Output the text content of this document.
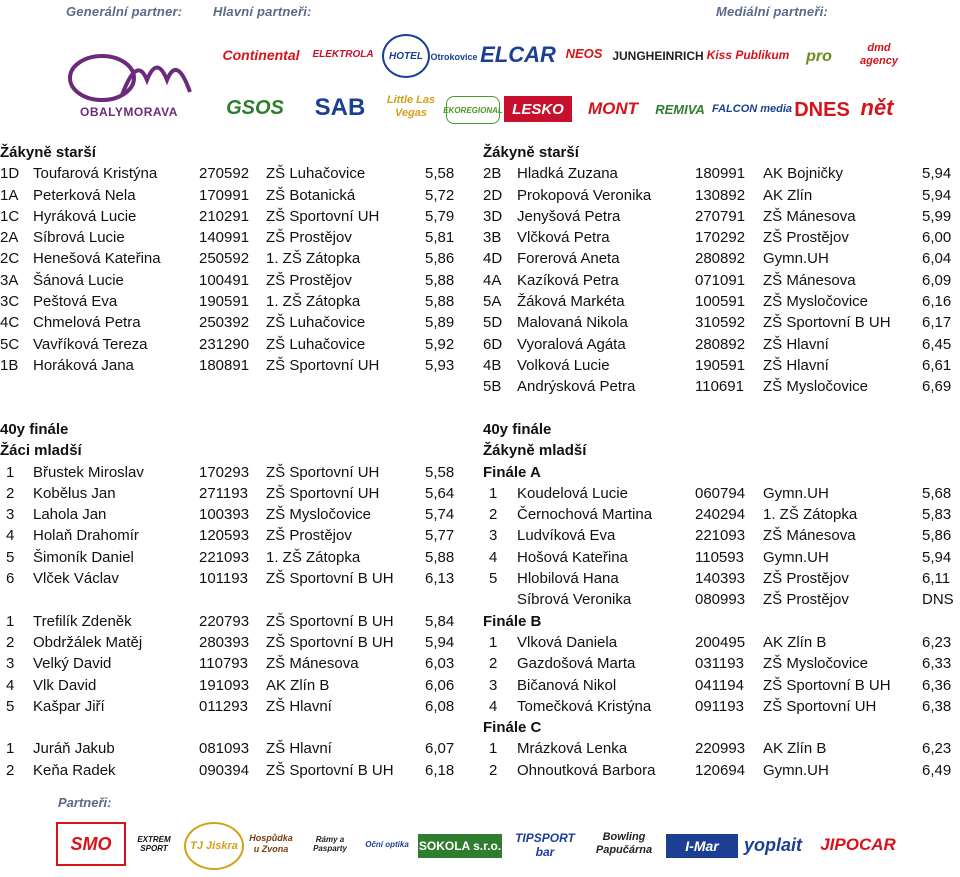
Generální partner: Hlavní partneři:	Mediální partneři:
OBALYMORAVA
Continental	ELEKTROLA	HOTEL Otrokovice ELCAR NEOS JUNGHEINRICH Kiss Publikum	pro	dmd agency
GSOS	SAB	Little Las Vegas	EKOREGIONAL LESKO	MONT	REMIVA FALCON media DNES nět
Žákyně starší
1D Toufarová Kristýna	270592 ZŠ Luhačovice	5,58
1A Peterková Nela	170991 ZŠ Botanická	5,72
1C Hyráková Lucie	210291 ZŠ Sportovní UH	5,79
2A Síbrová Lucie	140991 ZŠ Prostějov	5,81
2C Henešová Kateřina	250592 1. ZŠ Zátopka	5,86
3A Šánová Lucie	100491 ZŠ Prostějov	5,88
3C Peštová Eva	190591 1. ZŠ Zátopka	5,88
4C Chmelová Petra	250392 ZŠ Luhačovice	5,89
5C Vavříková Tereza	231290 ZŠ Luhačovice	5,92
1B Horáková Jana	180891 ZŠ Sportovní UH	5,93
Žákyně starší
2B Hladká Zuzana	180991 AK Bojničky	5,94
2D Prokopová Veronika	130892 AK Zlín	5,94
3D Jenyšová Petra	270791 ZŠ Mánesova	5,99
3B Vlčková Petra	170292 ZŠ Prostějov	6,00
4D Forerová Aneta	280892 Gymn.UH	6,04
4A Kazíková Petra	071091 ZŠ Mánesova	6,09
5A Žáková Markéta	100591 ZŠ Mysločovice	6,16
5D Malovaná Nikola	310592 ZŠ Sportovní B UH 6,17
6D Vyoralová Agáta	280892 ZŠ Hlavní	6,45
4B Volková Lucie	190591 ZŠ Hlavní	6,61
5B Andrýsková Petra	110691 ZŠ Mysločovice	6,69
40y finále
Žáci mladší
1 Břustek Miroslav	170293 ZŠ Sportovní UH	5,58
2 Kobělus Jan	271193 ZŠ Sportovní UH	5,64
3 Lahola Jan	100393 ZŠ Mysločovice	5,74
4 Holaň Drahomír	120593 ZŠ Prostějov	5,77
5 Šimoník Daniel	221093 1. ZŠ Zátopka	5,88
6 Vlček Václav	101193 ZŠ Sportovní B UH 6,13
1 Trefilík Zdeněk	220793 ZŠ Sportovní B UH 5,84
2 Obdržálek Matěj	280393 ZŠ Sportovní B UH 5,94
3 Velký David	110793 ZŠ Mánesova	6,03
4 Vlk David	191093 AK Zlín B	6,06
5 Kašpar Jiří	011293 ZŠ Hlavní	6,08
1 Juráň Jakub	081093 ZŠ Hlavní	6,07
2 Keňa Radek	090394 ZŠ Sportovní B UH 6,18
40y finále
Žákyně mladší
Finále A
1 Koudelová Lucie	060794 Gymn.UH	5,68
2 Černochová Martina	240294 1. ZŠ Zátopka	5,83
3 Ludvíková Eva	221093 ZŠ Mánesova	5,86
4 Hošová Kateřina	110593 Gymn.UH	5,94
5 Hlobilová Hana	140393 ZŠ Prostějov	6,11
Síbrová Veronika	080993 ZŠ Prostějov	DNS
Finále B
1 Vlková Daniela	200495 AK Zlín B	6,23
2 Gazdošová Marta	031193 ZŠ Mysločovice	6,33
3 Bičanová Nikol	041194 ZŠ Sportovní B UH 6,36
4 Tomečková Kristýna	091193 ZŠ Sportovní UH	6,38
Finále C
1 Mrázková Lenka	220993 AK Zlín B	6,23
2 Ohnoutková Barbora	120694 Gymn.UH	6,49
Partneři:
SMO	EXTREM SPORT	TJ Jiskra
Hospůdka u Zvona
Rámy a Pasparty	Oční optika SOKOLA s.r.o.
TIPSPORT bar
Bowling Papučárna	I-Mar	yoplait	JIPOCAR
